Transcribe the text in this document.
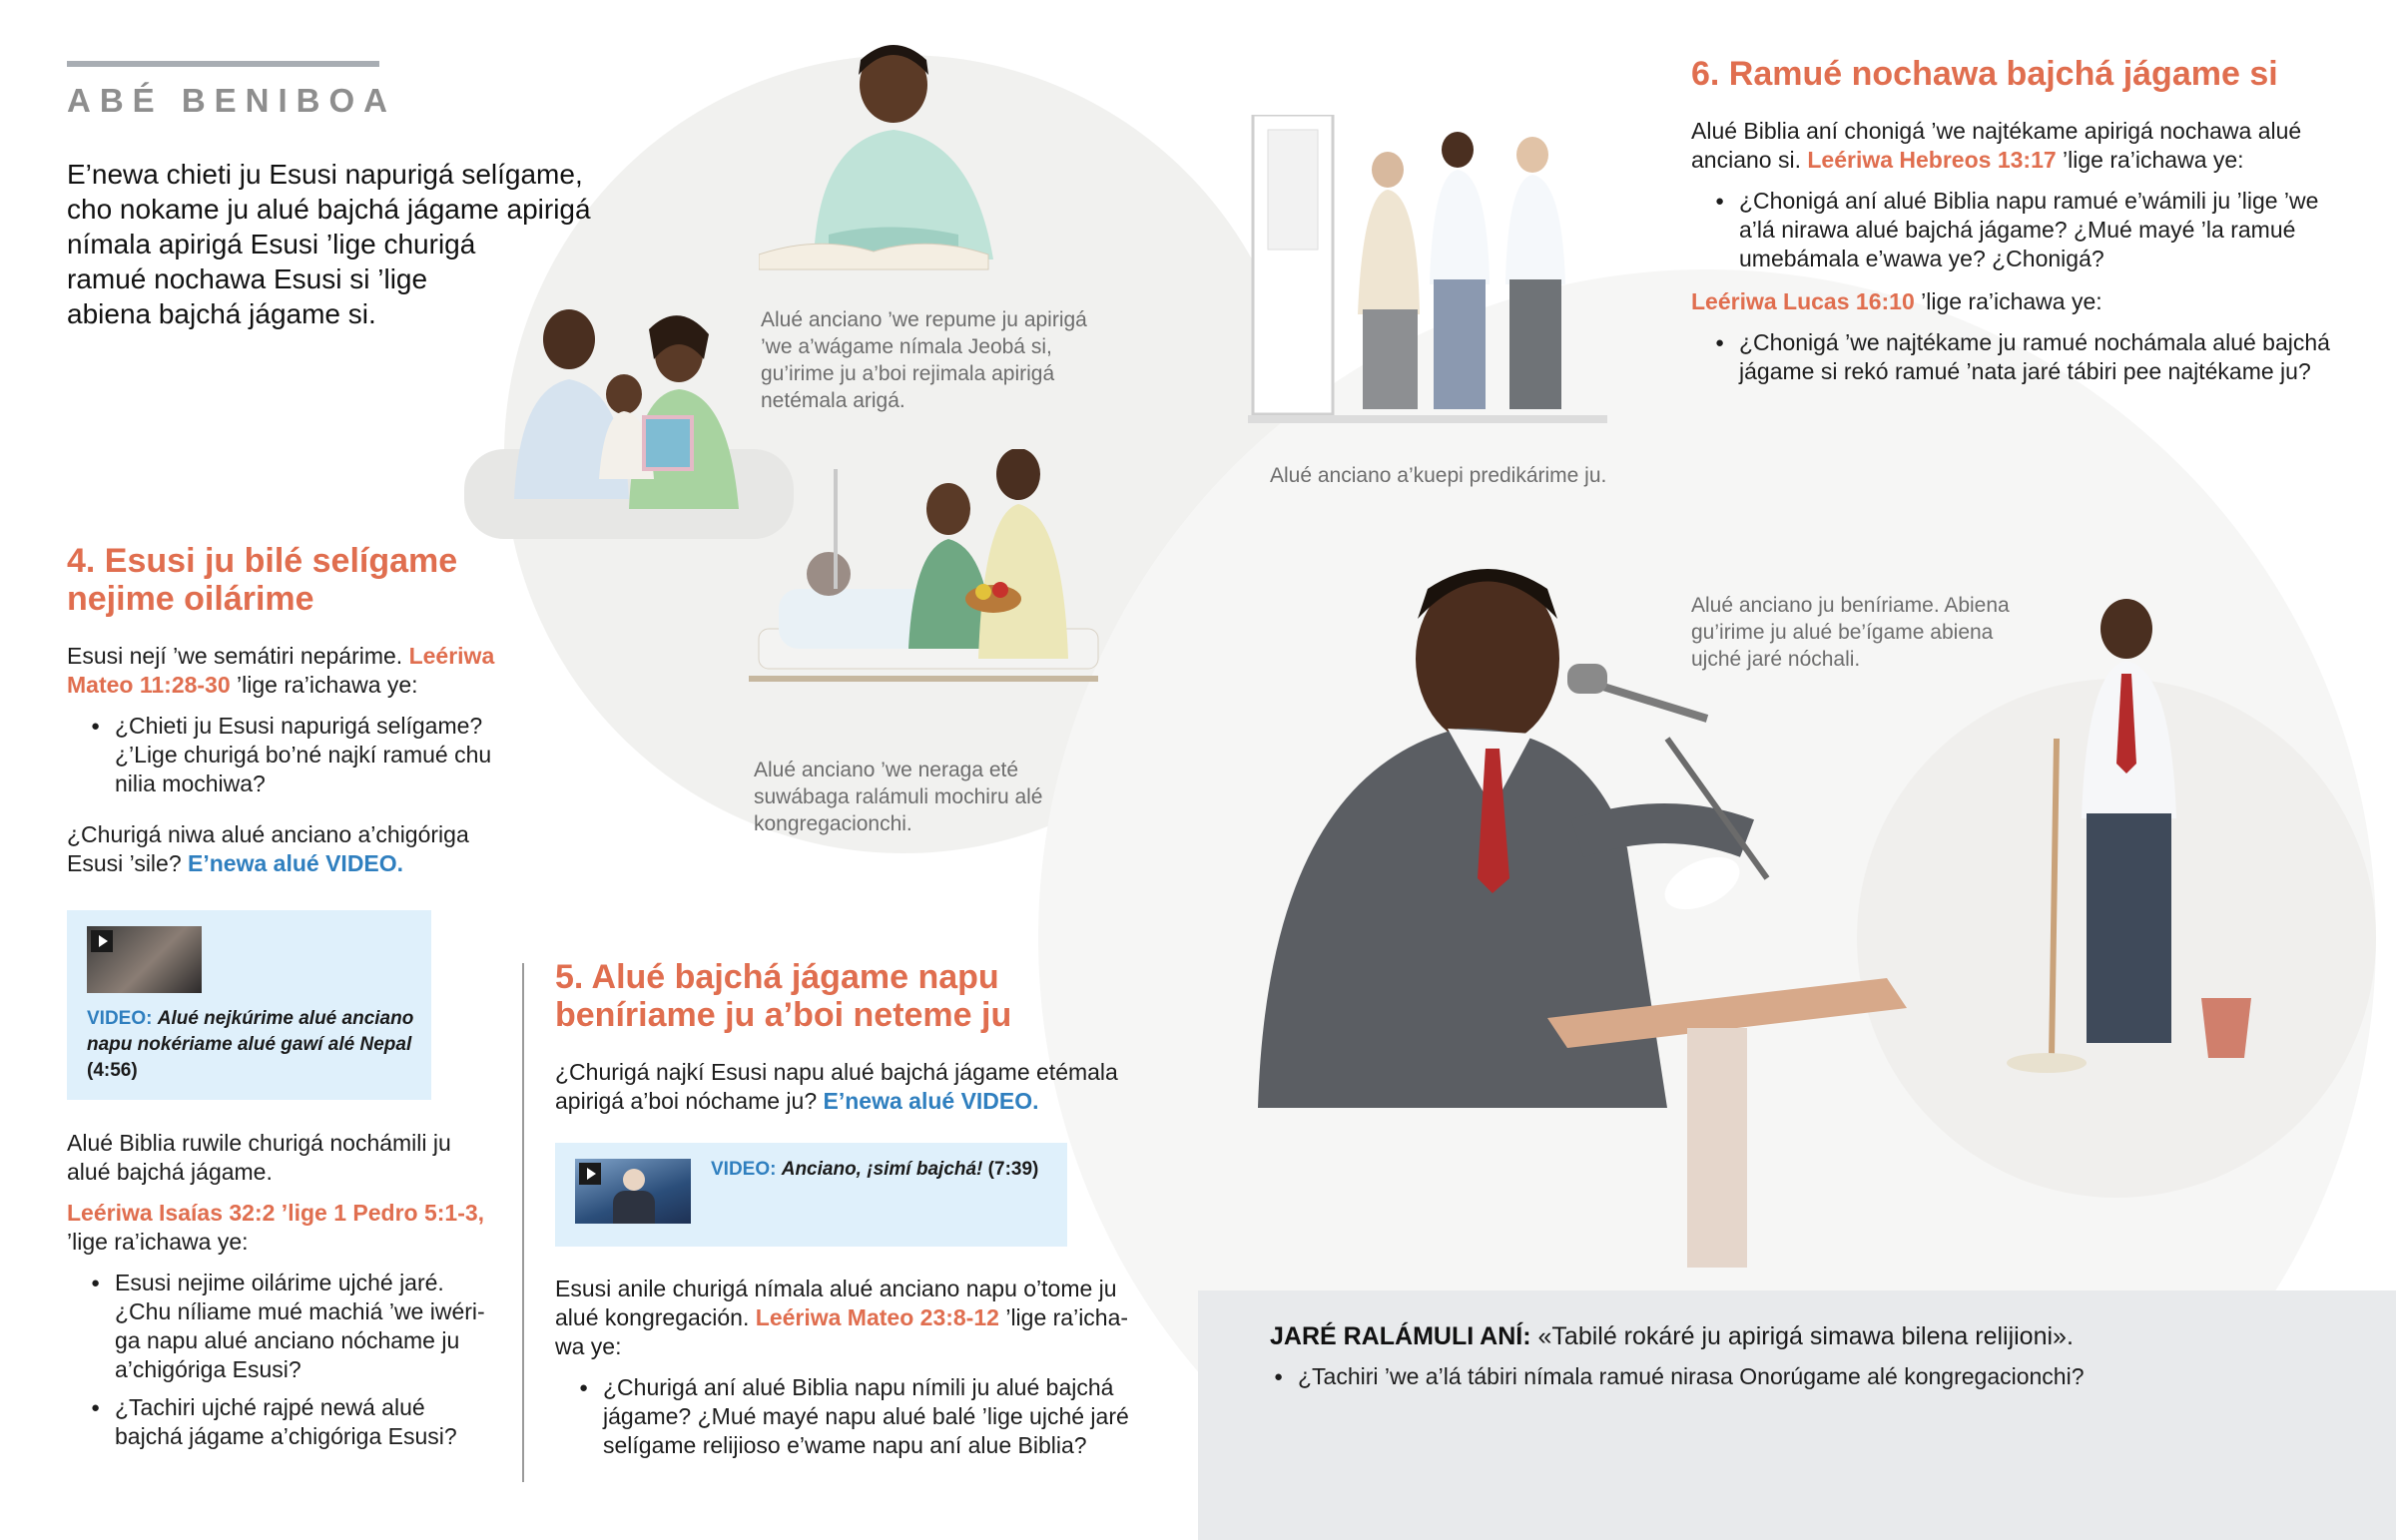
ABÉ BENIBOA
E’newa chieti ju Esusi napurigá selígame,
cho nokame ju alué bajchá jágame apirigá
nímala apirigá Esusi ’lige churigá
ramué nochawa Esusi si ’lige
abiena bajchá jágame si.
4. Esusi ju bilé selígame nejime oilárime

Esusi nejí ’we semátiri nepárime. Leériwa Mateo 11:28-30 ’lige ra’ichawa ye:

● ¿Chieti ju Esusi napurigá selígame? ¿’Lige churigá bo’né najkí ramué chu nilia mochiwa?

¿Churigá niwa alué anciano a’chigóriga Esusi ’sile? E’newa alué VIDEO.

VIDEO: Alué nejkúrime alué anciano napu nokériame alué gawí alé Nepal (4:56)

Alué Biblia ruwile churigá nochámili ju alué bajchá jágame.

Leériwa Isaías 32:2 ’lige 1 Pedro 5:1-3,
’lige ra’ichawa ye:

● Esusi nejime oilárime ujché jaré. ¿Chu níliame mué machiá ’we iwériga napu alué anciano nóchame ju a’chigóriga Esusi?
● ¿Tachiri ujché rajpé newá alué bajchá jágame a’chigóriga Esusi?
5. Alué bajchá jágame napu beníriame ju a’boi neteme ju
¿Churigá najkí Esusi napu alué bajchá jágame etémala apirigá a’boi nóchame ju? E’newa alué VIDEO.
VIDEO: Anciano, ¡simí bajchá! (7:39)

Esusi anile churigá nímala alué anciano napu o’tome ju alué kongregación. Leériwa Mateo 23:8-12 ’lige ra’ichawa ye:

● ¿Churigá aní alué Biblia napu nímili ju alué bajchá jágame? ¿Mué mayé napu alué balé ’lige ujché jaré selígame relijioso e’wame napu aní alue Biblia?
6. Ramué nochawa bajchá jágame si

Alué Biblia aní chonigá ’we najtékame apirigá nochawa alué anciano si. Leériwa Hebreos 13:17 ’lige ra’ichawa ye:

● ¿Chonigá aní alué Biblia napu ramué e’wámili ju ’lige ’we a’lá nirawa alué bajchá jágame? ¿Mué mayé ’la ramué umebámala e’wawa ye? ¿Chonigá?

Leériwa Lucas 16:10 ’lige ra’ichawa ye:

● ¿Chonigá ’we najtékame ju ramué nochámala alué bajchá jágame si rekó ramué ’nata jaré tábiri pee najtékame ju?
Alué anciano ’we repume ju apirigá ’we a’wágame nímala Jeobá si, gu’irime ju a’boi rejimala apirigá netémala arigá.
Alué anciano ’we neraga eté suwábaga ralámuli mochiru alé kongregacionchi.
Alué anciano a’kuepi predikárime ju.
Alué anciano ju beníriame. Abiena gu’irime ju alué be’ígame abiena ujché jaré nóchali.
JARÉ RALÁMULI ANÍ: «Tabilé rokáré ju apirigá simawa bilena relijioni».
● ¿Tachiri ’we a’lá tábiri nímala ramué nirasa Onorúgame alé kongregacionchi?
